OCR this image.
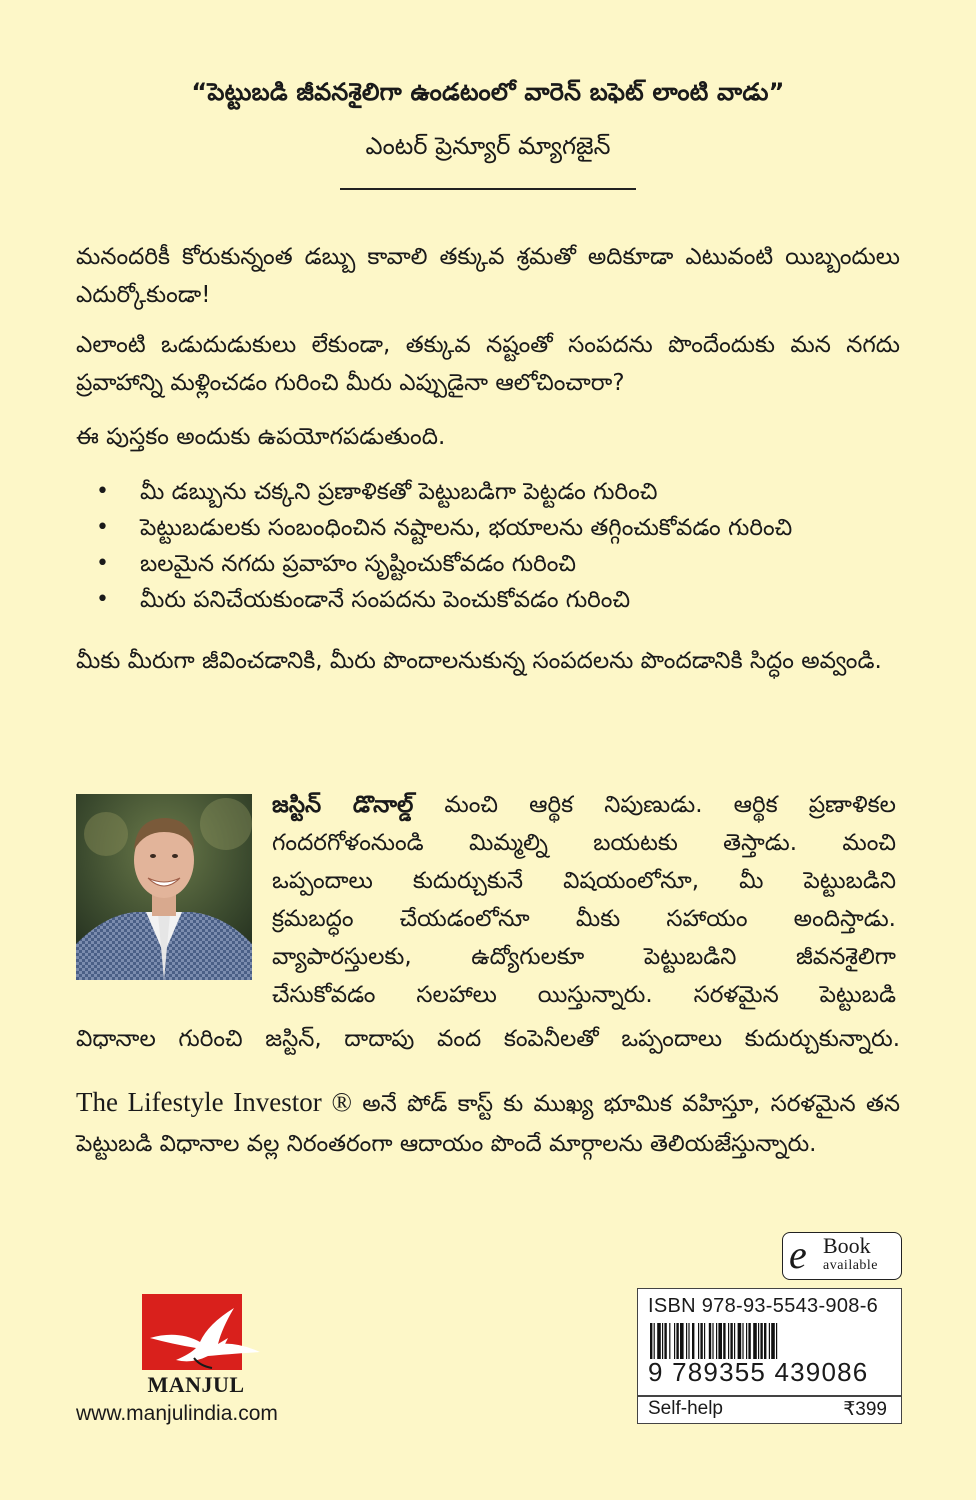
“పెట్టుబడి జీవనశైలిగా ఉండటంలో వారెన్ బఫెట్ లాంటి వాడు”
ఎంటర్ ప్రెన్యూర్ మ్యాగజైన్
మనందరికీ కోరుకున్నంత డబ్బు కావాలి తక్కువ శ్రమతో అదికూడా ఎటువంటి యిబ్బందులు ఎదుర్కోకుండా!
ఎలాంటి ఒడుదుడుకులు లేకుండా, తక్కువ నష్టంతో సంపదను పొందేందుకు మన నగదు ప్రవాహాన్ని మళ్లించడం గురించి మీరు ఎప్పుడైనా ఆలోచించారా?
ఈ పుస్తకం అందుకు ఉపయోగపడుతుంది.
• మీ డబ్బును చక్కని ప్రణాళికతో పెట్టుబడిగా పెట్టడం గురించి
• పెట్టుబడులకు సంబంధించిన నష్టాలను, భయాలను తగ్గించుకోవడం గురించి
• బలమైన నగదు ప్రవాహం సృష్టించుకోవడం గురించి
• మీరు పనిచేయకుండానే సంపదను పెంచుకోవడం గురించి
మీకు మీరుగా జీవించడానికి, మీరు పొందాలనుకున్న సంపదలను పొందడానికి సిద్ధం అవ్వండి.
జస్టిన్ డొనాల్డ్ మంచి ఆర్థిక నిపుణుడు. ఆర్థిక ప్రణాళికల
గందరగోళంనుండి మిమ్మల్ని బయటకు తెస్తాడు. మంచి
ఒప్పందాలు కుదుర్చుకునే విషయంలోనూ, మీ పెట్టుబడిని
క్రమబద్ధం చేయడంలోనూ మీకు సహాయం అందిస్తాడు.
వ్యాపారస్తులకు, ఉద్యోగులకూ పెట్టుబడిని జీవనశైలిగా
చేసుకోవడం సలహాలు యిస్తున్నారు. సరళమైన పెట్టుబడి
విధానాల గురించి జస్టిన్, దాదాపు వంద కంపెనీలతో ఒప్పందాలు కుదుర్చుకున్నారు.
The Lifestyle Investor ® అనే పోడ్ కాస్ట్ కు ముఖ్య భూమిక వహిస్తూ, సరళమైన తన పెట్టుబడి విధానాల వల్ల నిరంతరంగా ఆదాయం పొందే మార్గాలను తెలియజేస్తున్నారు.
e Book
available
ISBN 978-93-5543-908-6
9 789355 439086
Self-help	₹399
MANJUL
www.manjulindia.com
